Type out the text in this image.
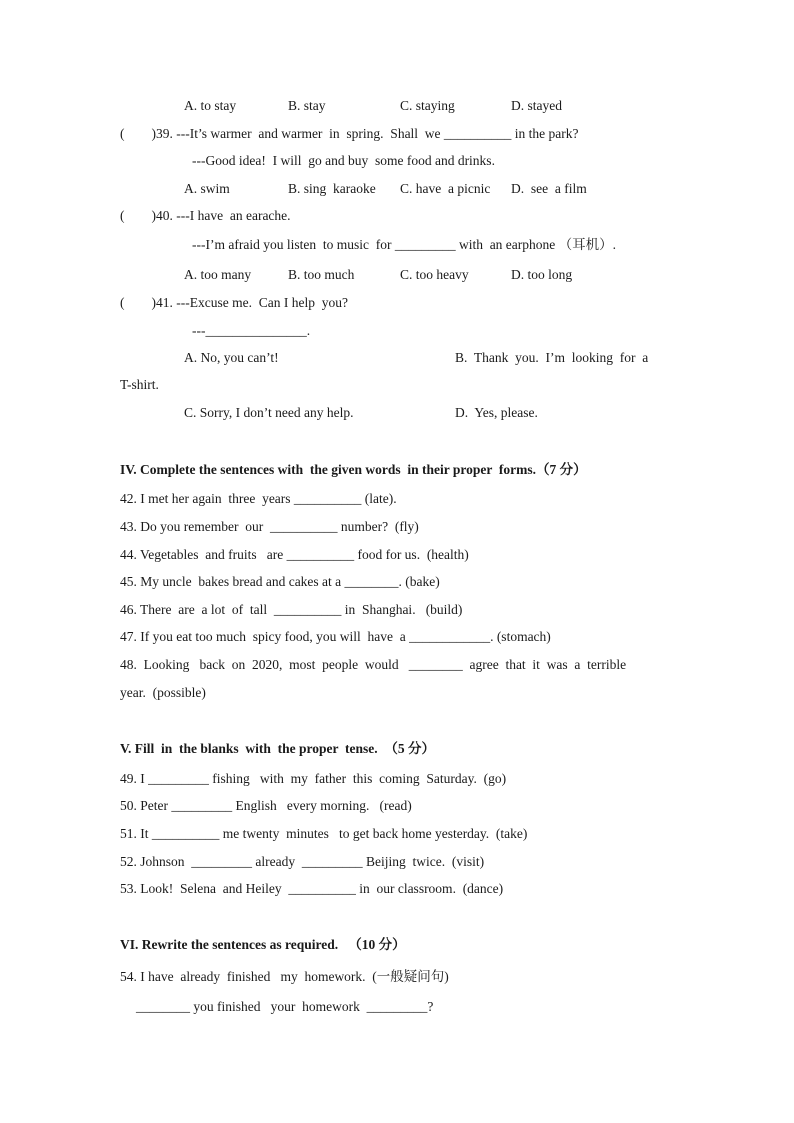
A. to stay	B. stay	C. staying	D. stayed
(        ) 39. ---It’s warmer  and warmer  in  spring.  Shall  we __________ in the park?
---Good idea!  I will  go and buy  some food and drinks.
A. swim	B. sing  karaoke C. have  a picnic D.  see  a film
(        ) 40. ---I have  an earache.
---I’m afraid you listen  to music  for _________ with  an earphone （耳机）.
A. too many	B. too much	C. too heavy	D. too long
(        ) 41. ---Excuse me.  Can I help  you?
---_______________.
A. No, you can’t!	B.  Thank  you.  I’m  looking  for  a
T-shirt.
C. Sorry, I don’t need any help.	D.  Yes, please.
IV. Complete the sentences with  the given words  in their proper  forms.（7 分）
42. I met her again  three  years __________ (late).
43. Do you remember  our  __________ number?  (fly)
44. Vegetables  and fruits   are __________ food for us.  (health)
45. My uncle  bakes bread and cakes at a ________. (bake)
46. There  are  a lot  of  tall  __________ in  Shanghai.   (build)
47. If you eat too much  spicy food, you will  have  a ____________. (stomach)
48.  Looking   back  on  2020,  most  people  would   ________  agree  that  it  was  a  terrible
year.  (possible)
V. Fill  in  the blanks  with  the proper  tense.  （5 分）
49. I _________ fishing   with  my  father  this  coming  Saturday.  (go)
50. Peter _________ English   every morning.   (read)
51. It __________ me twenty  minutes   to get back home yesterday.  (take)
52. Johnson  _________ already  _________ Beijing  twice.  (visit)
53. Look!  Selena  and Heiley  __________ in  our classroom.  (dance)
VI. Rewrite the sentences as required.   （10 分）
54. I have  already  finished   my  homework.  (一般疑问句)
________ you finished   your  homework  _________?
